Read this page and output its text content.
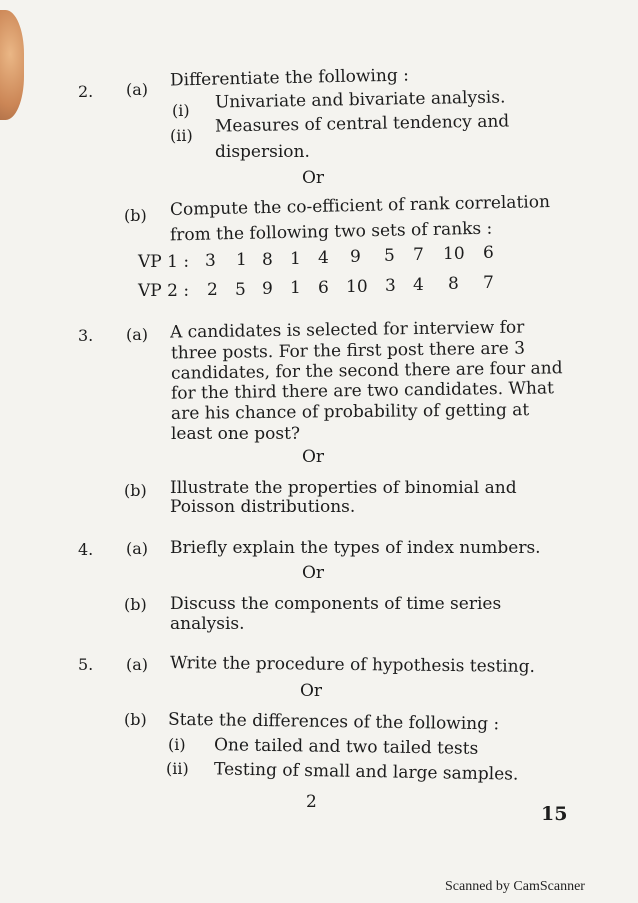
2. (a) Differentiate the following :
(i) Univariate and bivariate analysis.
(ii) Measures of central tendency and
dispersion.
Or
(b) Compute the co-efficient of rank correlation
from the following two sets of ranks :
VP 1 : 3 1 8 1 4 9 5 7 10 6
VP 2 : 2 5 9 1 6 10 3 4 8 7
3. (a) A candidates is selected for interview for
three posts. For the first post there are 3
candidates, for the second there are four and
for the third there are two candidates. What
are his chance of probability of getting at
least one post?
Or
(b) Illustrate the properties of binomial and
Poisson distributions.
4. (a) Briefly explain the types of index numbers.
Or
(b) Discuss the components of time series
analysis.
5. (a) Write the procedure of hypothesis testing.
Or
(b) State the differences of the following :
(i) One tailed and two tailed tests
(ii) Testing of small and large samples.
2
15
Scanned by CamScanner
